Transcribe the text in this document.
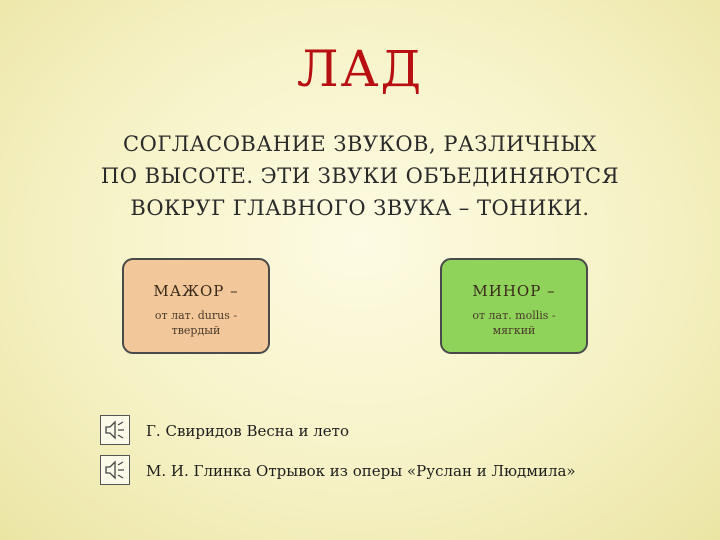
ЛАД
СОГЛАСОВАНИЕ ЗВУКОВ, РАЗЛИЧНЫХ
ПО ВЫСОТЕ. ЭТИ ЗВУКИ ОБЪЕДИНЯЮТСЯ
ВОКРУГ ГЛАВНОГО ЗВУКА – ТОНИКИ.
МАЖОР –
от лат. durus - твердый
МИНОР –
от лат. mollis - мягкий
Г. Свиридов Весна и лето
М. И. Глинка Отрывок из оперы «Руслан и Людмила»
